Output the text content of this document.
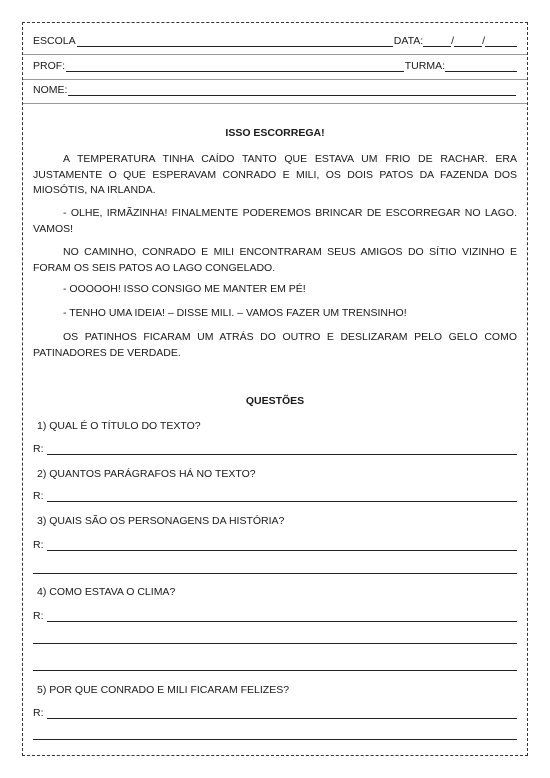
ESCOLA	DATA:	/	/
PROF:	TURMA:
NOME:
ISSO ESCORREGA!
A TEMPERATURA TINHA CAÍDO TANTO QUE ESTAVA UM FRIO DE RACHAR. ERA JUSTAMENTE O QUE ESPERAVAM CONRADO E MILI, OS DOIS PATOS DA FAZENDA DOS MIOSÓTIS, NA IRLANDA.
- OLHE, IRMÃZINHA! FINALMENTE PODEREMOS BRINCAR DE ESCORREGAR NO LAGO. VAMOS!
NO CAMINHO, CONRADO E MILI ENCONTRARAM SEUS AMIGOS DO SÍTIO VIZINHO E FORAM OS SEIS PATOS AO LAGO CONGELADO.
- OOOOOH! ISSO CONSIGO ME MANTER EM PÉ!
- TENHO UMA IDEIA! – DISSE MILI. – VAMOS FAZER UM TRENSINHO!
OS PATINHOS FICARAM UM ATRÁS DO OUTRO E DESLIZARAM PELO GELO COMO PATINADORES DE VERDADE.
QUESTÕES
1) QUAL É O TÍTULO DO TEXTO?
R:
2) QUANTOS PARÁGRAFOS HÁ NO TEXTO?
R:
3) QUAIS SÃO OS PERSONAGENS DA HISTÓRIA?
R:
4) COMO ESTAVA O CLIMA?
R:
5) POR QUE CONRADO E MILI FICARAM FELIZES?
R:
